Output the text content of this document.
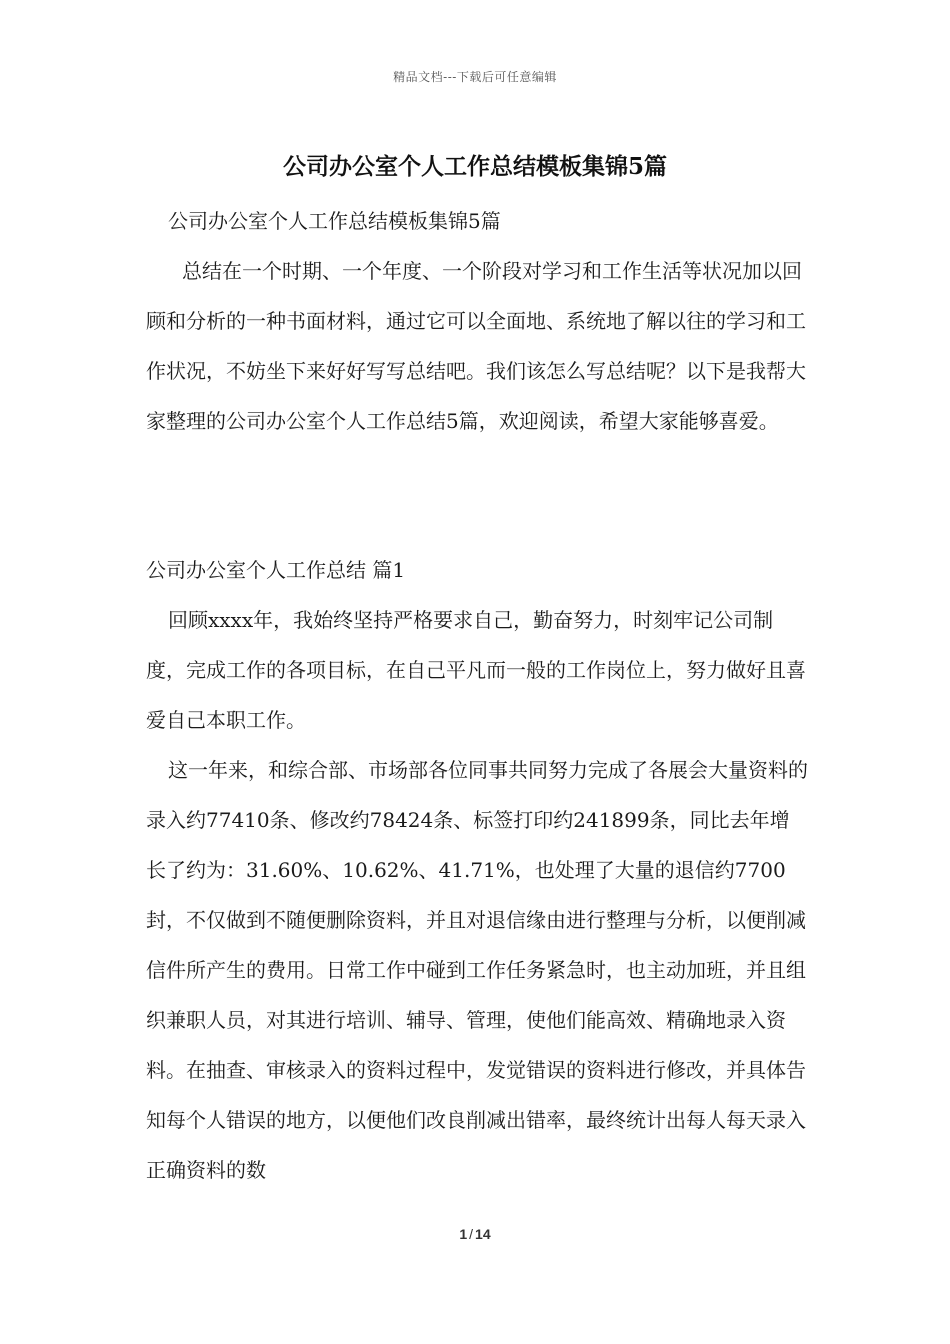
精品文档---下载后可任意编辑
公司办公室个人工作总结模板集锦5篇
公司办公室个人工作总结模板集锦5篇
总结在一个时期、一个年度、一个阶段对学习和工作生活等状况加以回顾和分析的一种书面材料，通过它可以全面地、系统地了解以往的学习和工作状况，不妨坐下来好好写写总结吧。我们该怎么写总结呢？以下是我帮大家整理的公司办公室个人工作总结5篇，欢迎阅读，希望大家能够喜爱。
公司办公室个人工作总结 篇1
回顾xxxx年，我始终坚持严格要求自己，勤奋努力，时刻牢记公司制度，完成工作的各项目标，在自己平凡而一般的工作岗位上，努力做好且喜爱自己本职工作。
这一年来，和综合部、市场部各位同事共同努力完成了各展会大量资料的录入约77410条、修改约78424条、标签打印约241899条，同比去年增长了约为：31.60%、10.62%、41.71%，也处理了大量的退信约7700封，不仅做到不随便删除资料，并且对退信缘由进行整理与分析，以便削减信件所产生的费用。日常工作中碰到工作任务紧急时，也主动加班，并且组织兼职人员，对其进行培训、辅导、管理，使他们能高效、精确地录入资料。在抽查、审核录入的资料过程中，发觉错误的资料进行修改，并具体告知每个人错误的地方，以便他们改良削减出错率，最终统计出每人每天录入正确资料的数
1 / 14
